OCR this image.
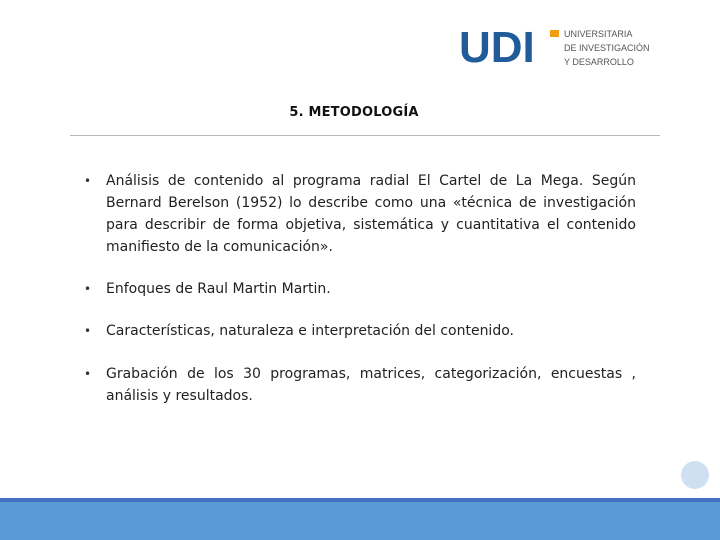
UDI	UNIVERSITARIA
DE INVESTIGACIÓN
Y DESARROLLO
5. METODOLOGÍA
• Análisis de contenido al programa radial El Cartel de La Mega. Según Bernard Berelson (1952) lo describe como una «técnica de investigación para describir de forma objetiva, sistemática y cuantitativa el contenido manifiesto de la comunicación».
• Enfoques de Raul Martin Martin.
• Características, naturaleza e interpretación del contenido.
• Grabación de los 30 programas, matrices, categorización, encuestas , análisis y resultados.
